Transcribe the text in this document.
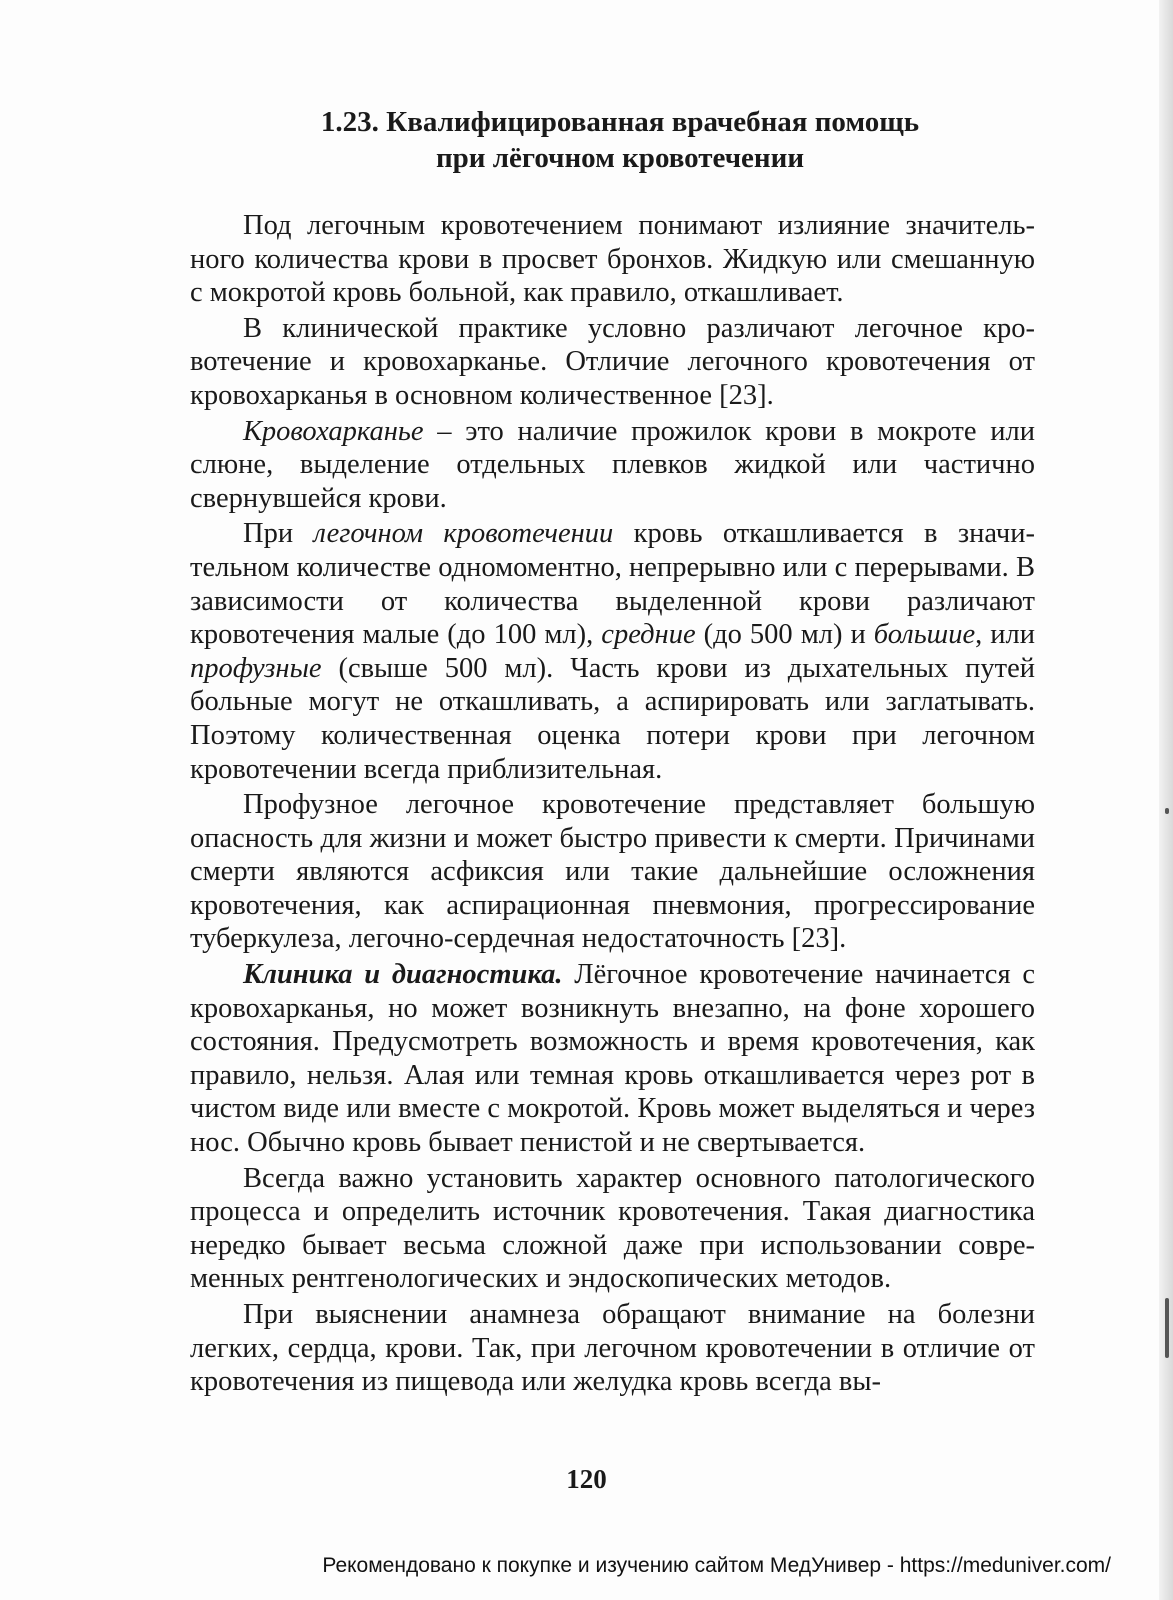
1.23. Квалифицированная врачебная помощь
при лёгочном кровотечении

Под легочным кровотечением понимают излияние значительного количества крови в просвет бронхов. Жидкую или смешанную с мокротой кровь больной, как правило, откашливает.

В клинической практике условно различают легочное кровотечение и кровохарканье. Отличие легочного кровотечения от кровохарканья в основном количественное [23].

Кровохарканье – это наличие прожилок крови в мокроте или слюне, выделение отдельных плевков жидкой или частично свернувшейся крови.

При легочном кровотечении кровь откашливается в значительном количестве одномоментно, непрерывно или с перерывами. В зависимости от количества выделенной крови различают кровотечения малые (до 100 мл), средние (до 500 мл) и большие, или профузные (свыше 500 мл). Часть крови из дыхательных путей больные могут не откашливать, а аспирировать или заглатывать. Поэтому количественная оценка потери крови при легочном кровотечении всегда приблизительная.

Профузное легочное кровотечение представляет большую опасность для жизни и может быстро привести к смерти. Причинами смерти являются асфиксия или такие дальнейшие осложнения кровотечения, как аспирационная пневмония, прогрессирование туберкулеза, легочно-сердечная недостаточность [23].

Клиника и диагностика. Лёгочное кровотечение начинается с кровохарканья, но может возникнуть внезапно, на фоне хорошего состояния. Предусмотреть возможность и время кровотечения, как правило, нельзя. Алая или темная кровь откашливается через рот в чистом виде или вместе с мокротой. Кровь может выделяться и через нос. Обычно кровь бывает пенистой и не свертывается.

Всегда важно установить характер основного патологического процесса и определить источник кровотечения. Такая диагностика нередко бывает весьма сложной даже при использовании современных рентгенологических и эндоскопических методов.

При выяснении анамнеза обращают внимание на болезни легких, сердца, крови. Так, при легочном кровотечении в отличие от кровотечения из пищевода или желудка кровь всегда вы-

120
Рекомендовано к покупке и изучению сайтом МедУнивер - https://meduniver.com/
